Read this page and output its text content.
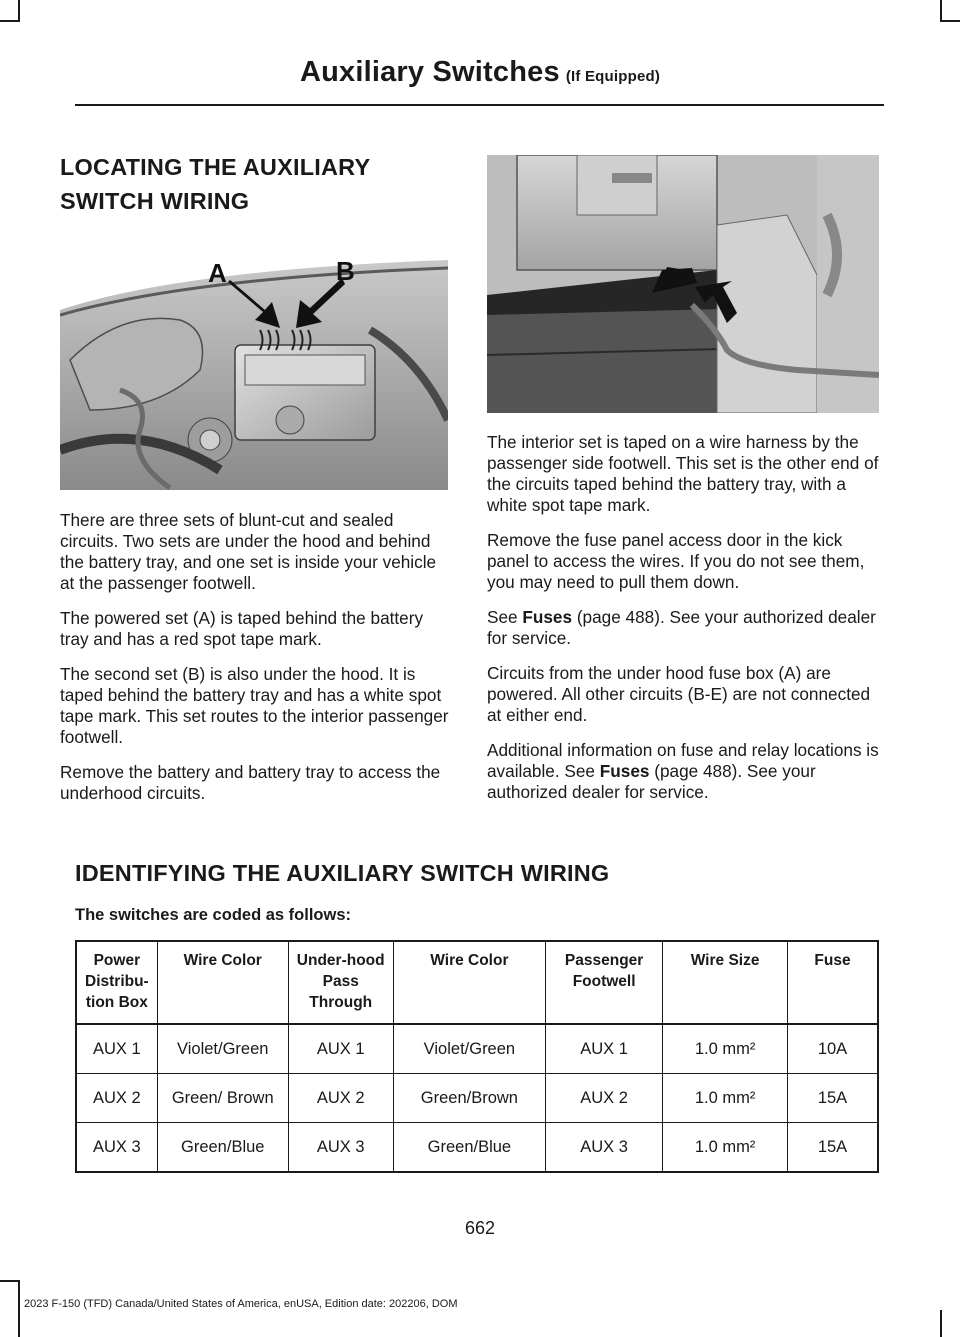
Auxiliary Switches (If Equipped)
LOCATING THE AUXILIARY
SWITCH WIRING
A	B

There are three sets of blunt-cut and sealed circuits. Two sets are under the hood and behind the battery tray, and one set is inside your vehicle at the passenger footwell.

The powered set (A) is taped behind the battery tray and has a red spot tape mark.

The second set (B) is also under the hood. It is taped behind the battery tray and has a white spot tape mark. This set routes to the interior passenger footwell.

Remove the battery and battery tray to access the underhood circuits.

The interior set is taped on a wire harness by the passenger side footwell. This set is the other end of the circuits taped behind the battery tray, with a white spot tape mark.

Remove the fuse panel access door in the kick panel to access the wires. If you do not see them, you may need to pull them down.

See Fuses (page 488). See your authorized dealer for service.

Circuits from the under hood fuse box (A) are powered. All other circuits (B-E) are not connected at either end.

Additional information on fuse and relay locations is available. See Fuses (page 488). See your authorized dealer for service.

IDENTIFYING THE AUXILIARY SWITCH WIRING

The switches are coded as follows:

Power Distribu-tion Box	Wire Color	Under-hood Pass Through	Wire Color	Passenger Footwell	Wire Size	Fuse
AUX 1	Violet/Green	AUX 1	Violet/Green	AUX 1	1.0 mm²	10A
AUX 2	Green/ Brown	AUX 2	Green/Brown	AUX 2	1.0 mm²	15A
AUX 3	Green/Blue	AUX 3	Green/Blue	AUX 3	1.0 mm²	15A
662
2023 F-150 (TFD) Canada/United States of America, enUSA, Edition date: 202206, DOM
